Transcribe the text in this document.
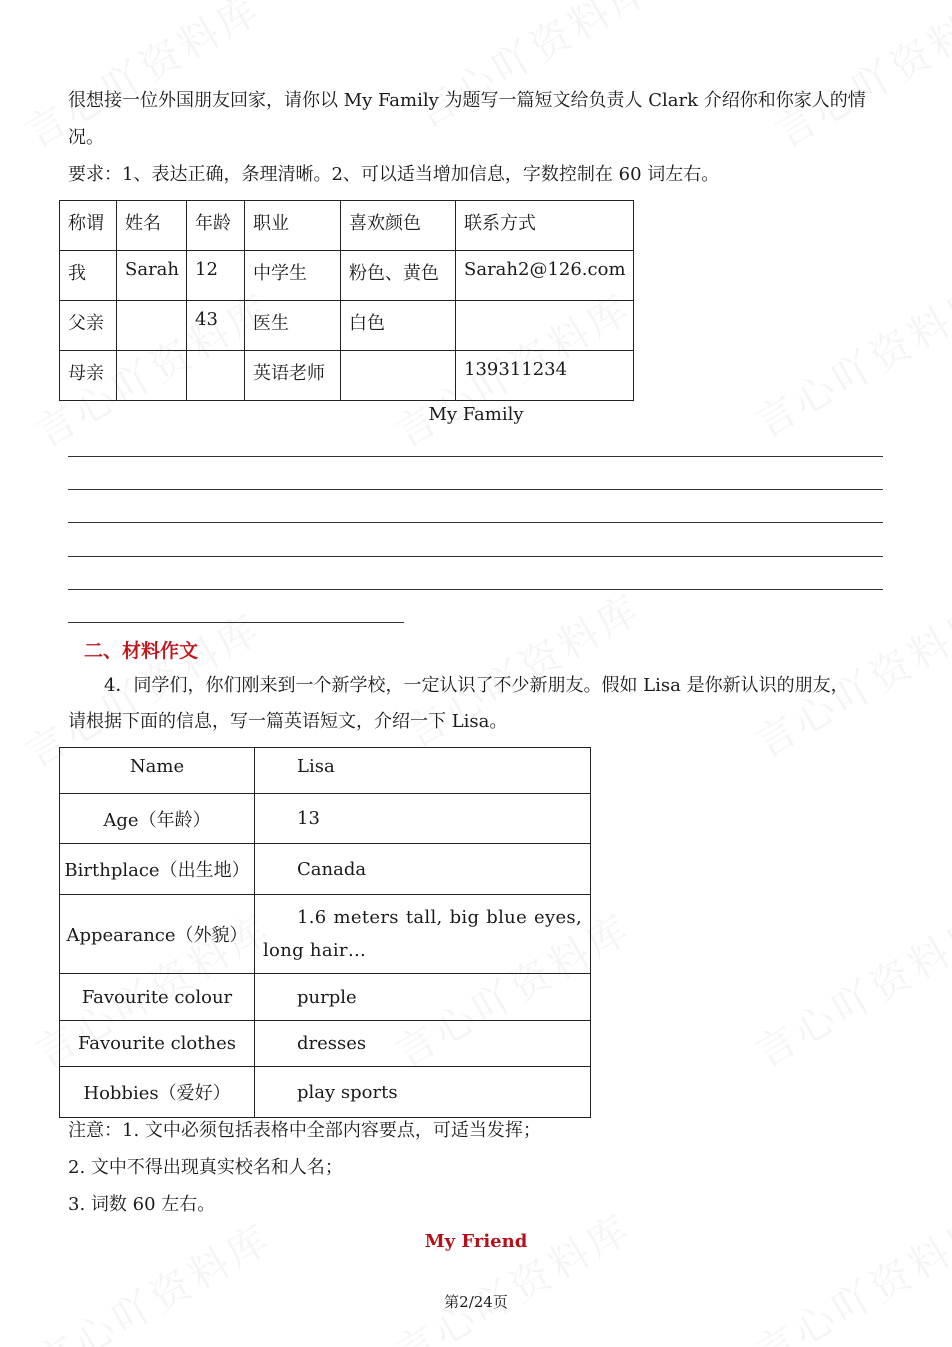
很想接一位外国朋友回家，请你以 My Family 为题写一篇短文给负责人 Clark 介绍你和你家人的情
况。
要求：1、表达正确，条理清晰。2、可以适当增加信息，字数控制在 60 词左右。
称谓	姓名	年龄	职业	喜欢颜色	联系方式
我	Sarah	12	中学生	粉色、黄色	Sarah2@126.com
父亲		43	医生	白色	
母亲			英语老师		139311234
My Family
二、材料作文
4．同学们，你们刚来到一个新学校，一定认识了不少新朋友。假如 Lisa 是你新认识的朋友，
请根据下面的信息，写一篇英语短文，介绍一下 Lisa。
Name	Lisa
Age（年龄）	13
Birthplace（出生地）	Canada
Appearance（外貌）	1.6 meters tall, big blue eyes, long hair…
Favourite colour	purple
Favourite clothes	dresses
Hobbies（爱好）	play sports
注意：1. 文中必须包括表格中全部内容要点，可适当发挥；
2. 文中不得出现真实校名和人名；
3. 词数 60 左右。
My Friend
第2/24页
